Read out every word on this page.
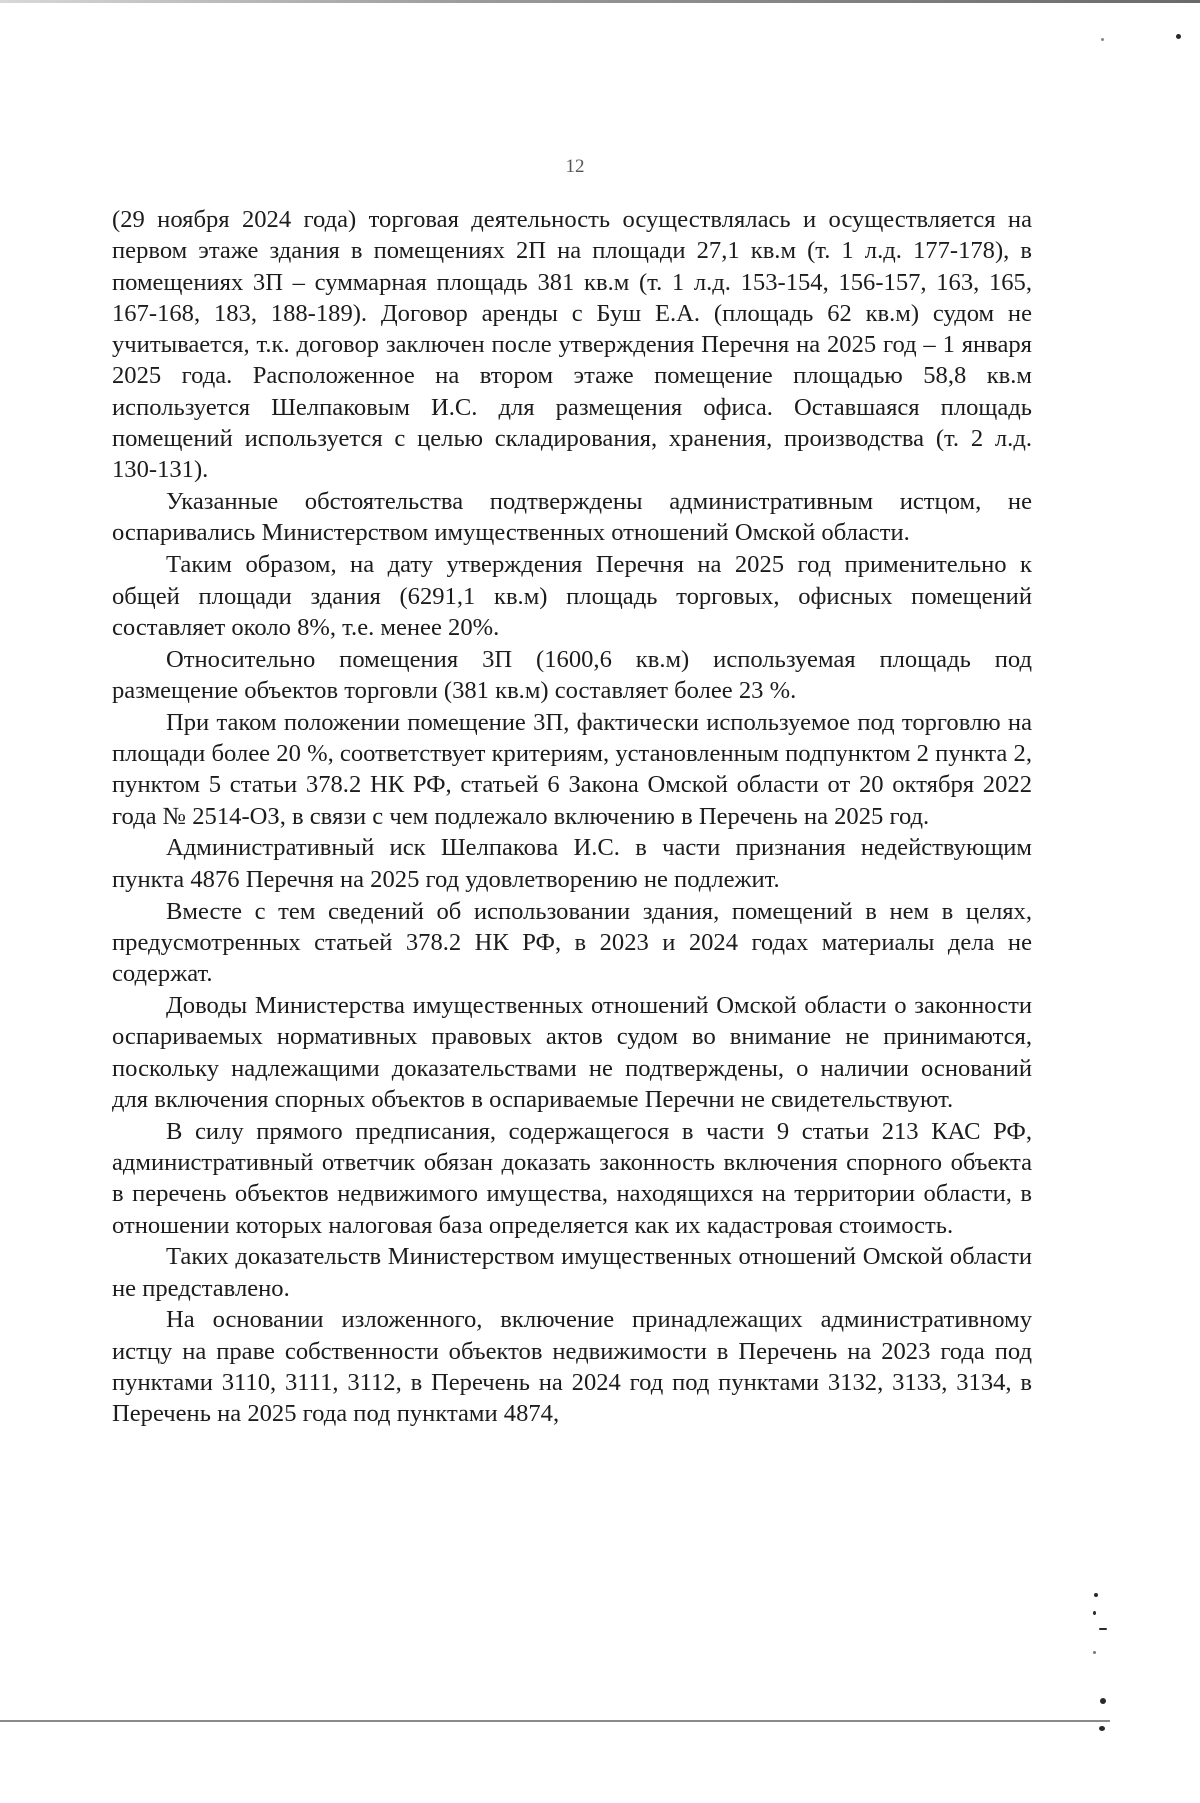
12

(29 ноября 2024 года) торговая деятельность осуществлялась и осуществляется на первом этаже здания в помещениях 2П на площади 27,1 кв.м (т. 1 л.д. 177-178), в помещениях 3П – суммарная площадь 381 кв.м (т. 1 л.д. 153-154, 156-157, 163, 165, 167-168, 183, 188-189). Договор аренды с Буш Е.А. (площадь 62 кв.м) судом не учитывается, т.к. договор заключен после утверждения Перечня на 2025 год – 1 января 2025 года. Расположенное на втором этаже помещение площадью 58,8 кв.м используется Шелпаковым И.С. для размещения офиса. Оставшаяся площадь помещений используется с целью складирования, хранения, производства (т. 2 л.д. 130-131).

Указанные обстоятельства подтверждены административным истцом, не оспаривались Министерством имущественных отношений Омской области.

Таким образом, на дату утверждения Перечня на 2025 год применительно к общей площади здания (6291,1 кв.м) площадь торговых, офисных помещений составляет около 8%, т.е. менее 20%.

Относительно помещения 3П (1600,6 кв.м) используемая площадь под размещение объектов торговли (381 кв.м) составляет более 23 %.

При таком положении помещение 3П, фактически используемое под торговлю на площади более 20 %, соответствует критериям, установленным подпунктом 2 пункта 2, пунктом 5 статьи 378.2 НК РФ, статьей 6 Закона Омской области от 20 октября 2022 года № 2514-ОЗ, в связи с чем подлежало включению в Перечень на 2025 год.

Административный иск Шелпакова И.С. в части признания недействующим пункта 4876 Перечня на 2025 год удовлетворению не подлежит.

Вместе с тем сведений об использовании здания, помещений в нем в целях, предусмотренных статьей 378.2 НК РФ, в 2023 и 2024 годах материалы дела не содержат.

Доводы Министерства имущественных отношений Омской области о законности оспариваемых нормативных правовых актов судом во внимание не принимаются, поскольку надлежащими доказательствами не подтверждены, о наличии оснований для включения спорных объектов в оспариваемые Перечни не свидетельствуют.

В силу прямого предписания, содержащегося в части 9 статьи 213 КАС РФ, административный ответчик обязан доказать законность включения спорного объекта в перечень объектов недвижимого имущества, находящихся на территории области, в отношении которых налоговая база определяется как их кадастровая стоимость.

Таких доказательств Министерством имущественных отношений Омской области не представлено.

На основании изложенного, включение принадлежащих административному истцу на праве собственности объектов недвижимости в Перечень на 2023 года под пунктами 3110, 3111, 3112, в Перечень на 2024 год под пунктами 3132, 3133, 3134, в Перечень на 2025 года под пунктами 4874,
